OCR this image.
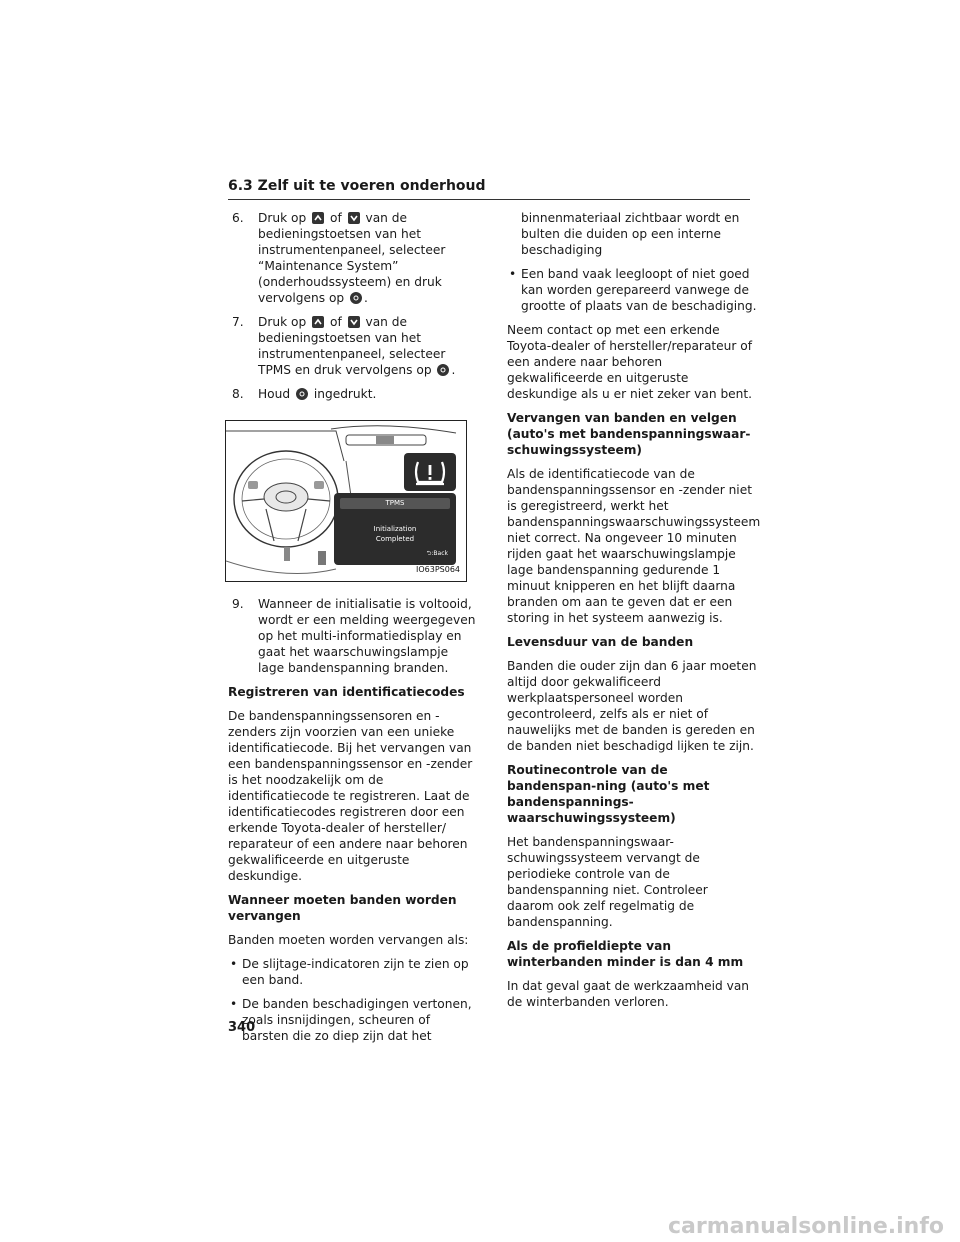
6.3 Zelf uit te voeren onderhoud
6.	Druk op of van de bedieningstoetsen van het instrumentenpaneel, selecteer “Maintenance System” (onderhoudssysteem) en druk vervolgens op .
7.	Druk op of van de bedieningstoetsen van het instrumentenpaneel, selecteer TPMS en druk vervolgens op .
8.	Houd ingedrukt.
TPMS
Initialization
Completed
⮌:Back
IO63PS064
9.	Wanneer de initialisatie is voltooid, wordt er een melding weergegeven op het multi-informatiedisplay en gaat het waarschuwingslampje lage bandenspanning branden.
Registreren van identificatiecodes

De bandenspanningssensoren en -zenders zijn voorzien van een unieke identificatiecode. Bij het vervangen van een bandenspanningssensor en -zender is het noodzakelijk om de identificatiecode te registreren. Laat de identificatiecodes registreren door een erkende Toyota-dealer of hersteller/ reparateur of een andere naar behoren gekwalificeerde en uitgeruste deskundige.

Wanneer moeten banden worden vervangen

Banden moeten worden vervangen als:

• De slijtage-indicatoren zijn te zien op een band.
• De banden beschadigingen vertonen, zoals insnijdingen, scheuren of barsten die zo diep zijn dat het
binnenmateriaal zichtbaar wordt en bulten die duiden op een interne beschadiging
• Een band vaak leegloopt of niet goed kan worden gerepareerd vanwege de grootte of plaats van de beschadiging.

Neem contact op met een erkende Toyota-dealer of hersteller/reparateur of een andere naar behoren gekwalificeerde en uitgeruste deskundige als u er niet zeker van bent.

Vervangen van banden en velgen (auto's met bandenspanningswaar-schuwingssysteem)

Als de identificatiecode van de bandenspanningssensor en -zender niet is geregistreerd, werkt het bandenspanningswaarschuwingssysteem niet correct. Na ongeveer 10 minuten rijden gaat het waarschuwingslampje lage bandenspanning gedurende 1 minuut knipperen en het blijft daarna branden om aan te geven dat er een storing in het systeem aanwezig is.

Levensduur van de banden

Banden die ouder zijn dan 6 jaar moeten altijd door gekwalificeerd werkplaatspersoneel worden gecontroleerd, zelfs als er niet of nauwelijks met de banden is gereden en de banden niet beschadigd lijken te zijn.

Routinecontrole van de bandenspan-ning (auto's met bandenspannings-waarschuwingssysteem)

Het bandenspanningswaar-schuwingssysteem vervangt de periodieke controle van de bandenspanning niet. Controleer daarom ook zelf regelmatig de bandenspanning.

Als de profieldiepte van winterbanden minder is dan 4 mm

In dat geval gaat de werkzaamheid van de winterbanden verloren.

340
carmanualsonline.info
